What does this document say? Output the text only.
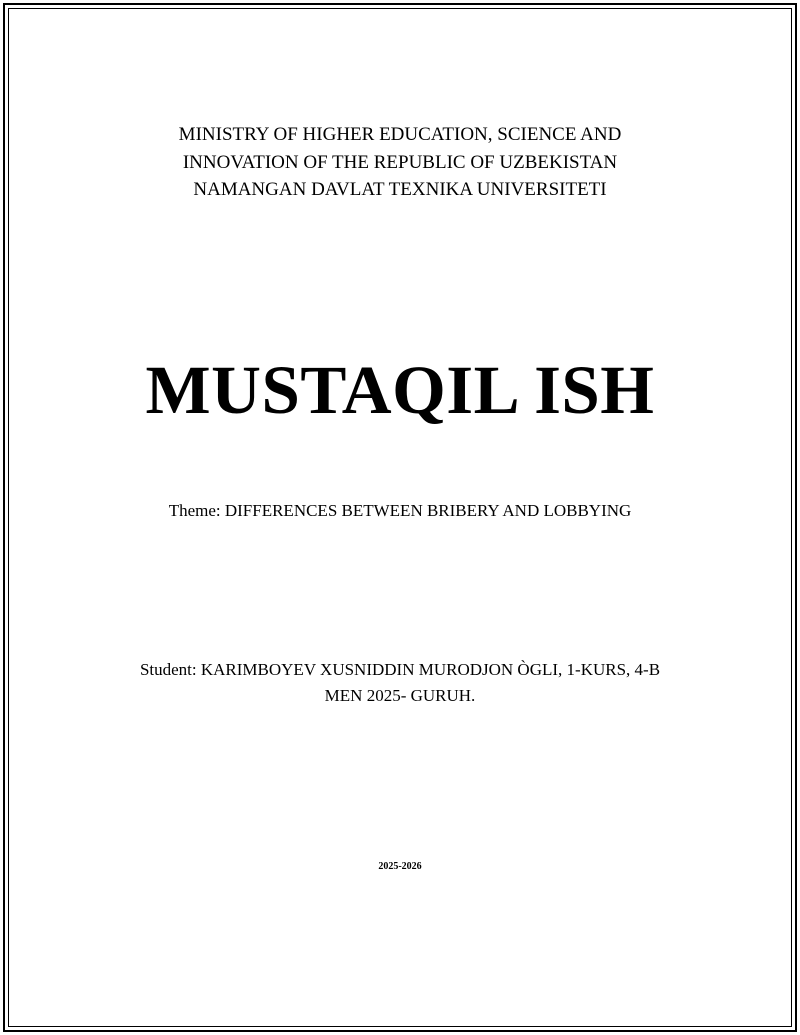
MINISTRY OF HIGHER EDUCATION, SCIENCE AND
INNOVATION OF THE REPUBLIC OF UZBEKISTAN
NAMANGAN DAVLAT TEXNIKA UNIVERSITETI
MUSTAQIL ISH
Theme: DIFFERENCES BETWEEN BRIBERY AND LOBBYING
Student: KARIMBOYEV XUSNIDDIN MURODJON ÒGLI, 1-KURS, 4-B
MEN 2025- GURUH.
2025-2026
